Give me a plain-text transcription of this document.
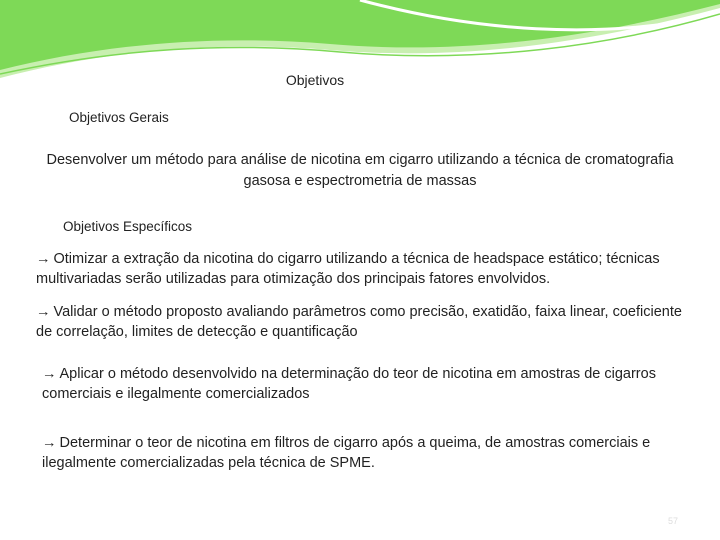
Objetivos

Objetivos Gerais

Desenvolver um método para análise de nicotina em cigarro utilizando a técnica de cromatografia gasosa e espectrometria de massas

Objetivos Específicos

→ Otimizar a extração da nicotina do cigarro utilizando a técnica de headspace estático; técnicas multivariadas serão utilizadas para otimização dos principais fatores envolvidos.

→ Validar o método proposto avaliando parâmetros como precisão, exatidão, faixa linear, coeficiente de correlação, limites de detecção e quantificação

→ Aplicar o método desenvolvido na determinação do teor de nicotina em amostras de cigarros comerciais e ilegalmente comercializados

→ Determinar o teor de nicotina em filtros de cigarro após a queima, de amostras comerciais e ilegalmente comercializadas pela técnica de SPME.

57
